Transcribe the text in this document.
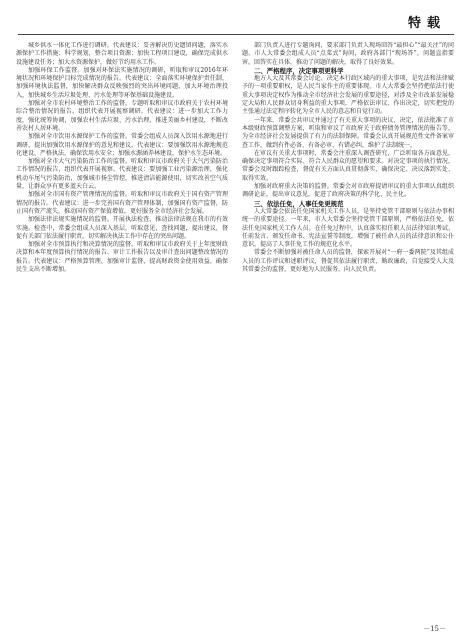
特载

城乡供水一体化工作进行调研。代表建议：妥善解决历史遗留问题，落实水源保护工作措施；科学规划，整合项目资源；加快工程项目建设，确保完成供水设施建设任务；加大水资源保护，做好节约用水工作。

加强环保工作监督。加强对环保法实施情况的调研，听取和审议2016年环境状况和环境保护目标完成情况的报告。代表建议：全面落实环境保护责任制，加强环境执法监督，加快解决群众反映强烈的突出环境问题，加大环境治理投入，加快城乡生活垃圾处理、污水处理等环保基础设施建设。

加强对全市农村环境整治工作的监督。专题听取和审议市政府关于农村环境综合整治情况的报告，组织代表开展视察调研。代表建议：进一步加大工作力度，强化统筹协调，加强农村生活垃圾、污水治理，推进美丽乡村建设，不断改善农村人居环境。

加强对全市饮用水源保护工作的监督。常委会组成人员深入饮用水源地进行调研，提出加强饮用水源保护的意见和建议。代表建议：要加强饮用水源地规范化建设，严格执法，确保饮用水安全；加强水源涵养林建设，保护水生态环境。

加强对全市大气污染防治工作的监督。听取和审议市政府关于大气污染防治工作情况的报告，组织代表开展视察。代表建议：要加强工业污染源治理，强化机动车尾气污染防治，加强城市扬尘管控，推进清洁能源使用，切实改善空气质量，让群众享有更多蓝天白云。

加强对全市国有资产管理情况的监督。听取和审议市政府关于国有资产管理情况的报告。代表建议：进一步完善国有资产管理体制，加强国有资产监督，防止国有资产流失，推动国有资产保值增值，更好服务全市经济社会发展。

加强法律法规实施情况的监督。开展执法检查，推动法律法规在我市的有效实施。检查中，常委会组成人员深入基层，听取意见，查找问题，提出建议，督促有关部门依法履行职责，切实解决执法工作中存在的突出问题。

加强对全市预算执行和决算情况的监督。听取和审议市政府关于上年度财政决算和本年度预算执行情况的报告、审计工作报告以及审计查出问题整改情况的报告。代表建议：严格预算管理，加强审计监督，提高财政资金使用效益，确保民生支出不断增加。

部门负责人进行专题询问，要求部门负责人现场回答“最担心”“最关注”的问题。市人大常委会组成人员“点菜式”询问，政府各部门“现场答”，问题直指要害，回答实在具体，推动了问题的解决，取得了良好效果。

二、严格程序，决定事项更科学

地方人大及其常委会讨论、决定本行政区域内的重大事项，是宪法和法律赋予的一项重要职权，是人民当家作主的重要体现。市人大常委会坚持把依法行使重大事项决定权作为推动全市经济社会发展的重要途径，对涉及全市改革发展稳定大局和人民群众切身利益的重大事项，严格依法审议、作出决定，切实把党的主张通过法定程序转化为全市人民的意志和自觉行动。

一年来，常委会共审议并通过了有关重大事项的决议、决定，依法批准了市本级财政预算调整方案，听取和审议了市政府关于政府债务管理情况的报告等，为全市经济社会发展提供了有力的法制保障。常委会认真开展规范性文件备案审查工作，做到有件必备、有备必审、有错必纠，维护了法制统一。

在审议有关重大事项时，常委会注重深入调查研究，广泛听取各方面意见，确保决定事项符合实际、符合人民群众的愿望和要求。对决定事项的执行情况，常委会及时跟踪检查，督促有关方面认真贯彻落实，确保决定、决议落到实处、取得实效。

加强对政府重大决策的监督。常委会对市政府提请审议的重大事项认真组织调研论证，提出审议意见，促进了政府决策的科学化、民主化。

三、依法任免，人事任免更规范

人大常委会依法任免国家机关工作人员，是坚持党管干部原则与依法办事相统一的重要途径。一年来，市人大常委会坚持党管干部原则，严格依法任免，依法任免国家机关工作人员。在任免过程中，认真落实拟任职人员法律知识考试、任前发言、颁发任命书、宪法宣誓等制度，增强了被任命人员的法律意识和公仆意识，提高了人事任免工作的规范化水平。

常委会不断加强对被任命人员的监督，探索开展对“一府一委两院”及其组成人员的工作评议和述职评议，督促其依法履行职责、勤政廉政，自觉接受人大及其常委会的监督，更好地为人民服务，向人民负责。

－15－
